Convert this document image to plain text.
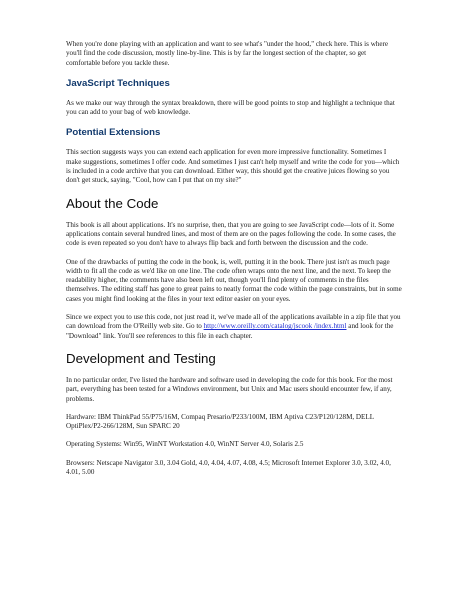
When you're done playing with an application and want to see what's "under the hood," check here. This is where you'll find the code discussion, mostly line-by-line. This is by far the longest section of the chapter, so get comfortable before you tackle these.

JavaScript Techniques

As we make our way through the syntax breakdown, there will be good points to stop and highlight a technique that you can add to your bag of web knowledge.

Potential Extensions

This section suggests ways you can extend each application for even more impressive functionality. Sometimes I make suggestions, sometimes I offer code. And sometimes I just can't help myself and write the code for you—which is included in a code archive that you can download. Either way, this should get the creative juices flowing so you don't get stuck, saying, "Cool, how can I put that on my site?"

About the Code

This book is all about applications. It's no surprise, then, that you are going to see JavaScript code—lots of it. Some applications contain several hundred lines, and most of them are on the pages following the code. In some cases, the code is even repeated so you don't have to always flip back and forth between the discussion and the code.

One of the drawbacks of putting the code in the book, is, well, putting it in the book. There just isn't as much page width to fit all the code as we'd like on one line. The code often wraps onto the next line, and the next. To keep the readability higher, the comments have also been left out, though you'll find plenty of comments in the files themselves. The editing staff has gone to great pains to neatly format the code within the page constraints, but in some cases you might find looking at the files in your text editor easier on your eyes.

Since we expect you to use this code, not just read it, we've made all of the applications available in a zip file that you can download from the O'Reilly web site. Go to http://www.oreilly.com/catalog/jscook /index.html and look for the "Download" link. You'll see references to this file in each chapter.

Development and Testing

In no particular order, I've listed the hardware and software used in developing the code for this book. For the most part, everything has been tested for a Windows environment, but Unix and Mac users should encounter few, if any, problems.

Hardware: IBM ThinkPad 55/P75/16M, Compaq Presario/P233/100M, IBM Aptiva C23/P120/128M, DELL OptiPlex/P2-266/128M, Sun SPARC 20

Operating Systems: Win95, WinNT Workstation 4.0, WinNT Server 4.0, Solaris 2.5

Browsers: Netscape Navigator 3.0, 3.04 Gold, 4.0, 4.04, 4.07, 4.08, 4.5; Microsoft Internet Explorer 3.0, 3.02, 4.0, 4.01, 5.00
